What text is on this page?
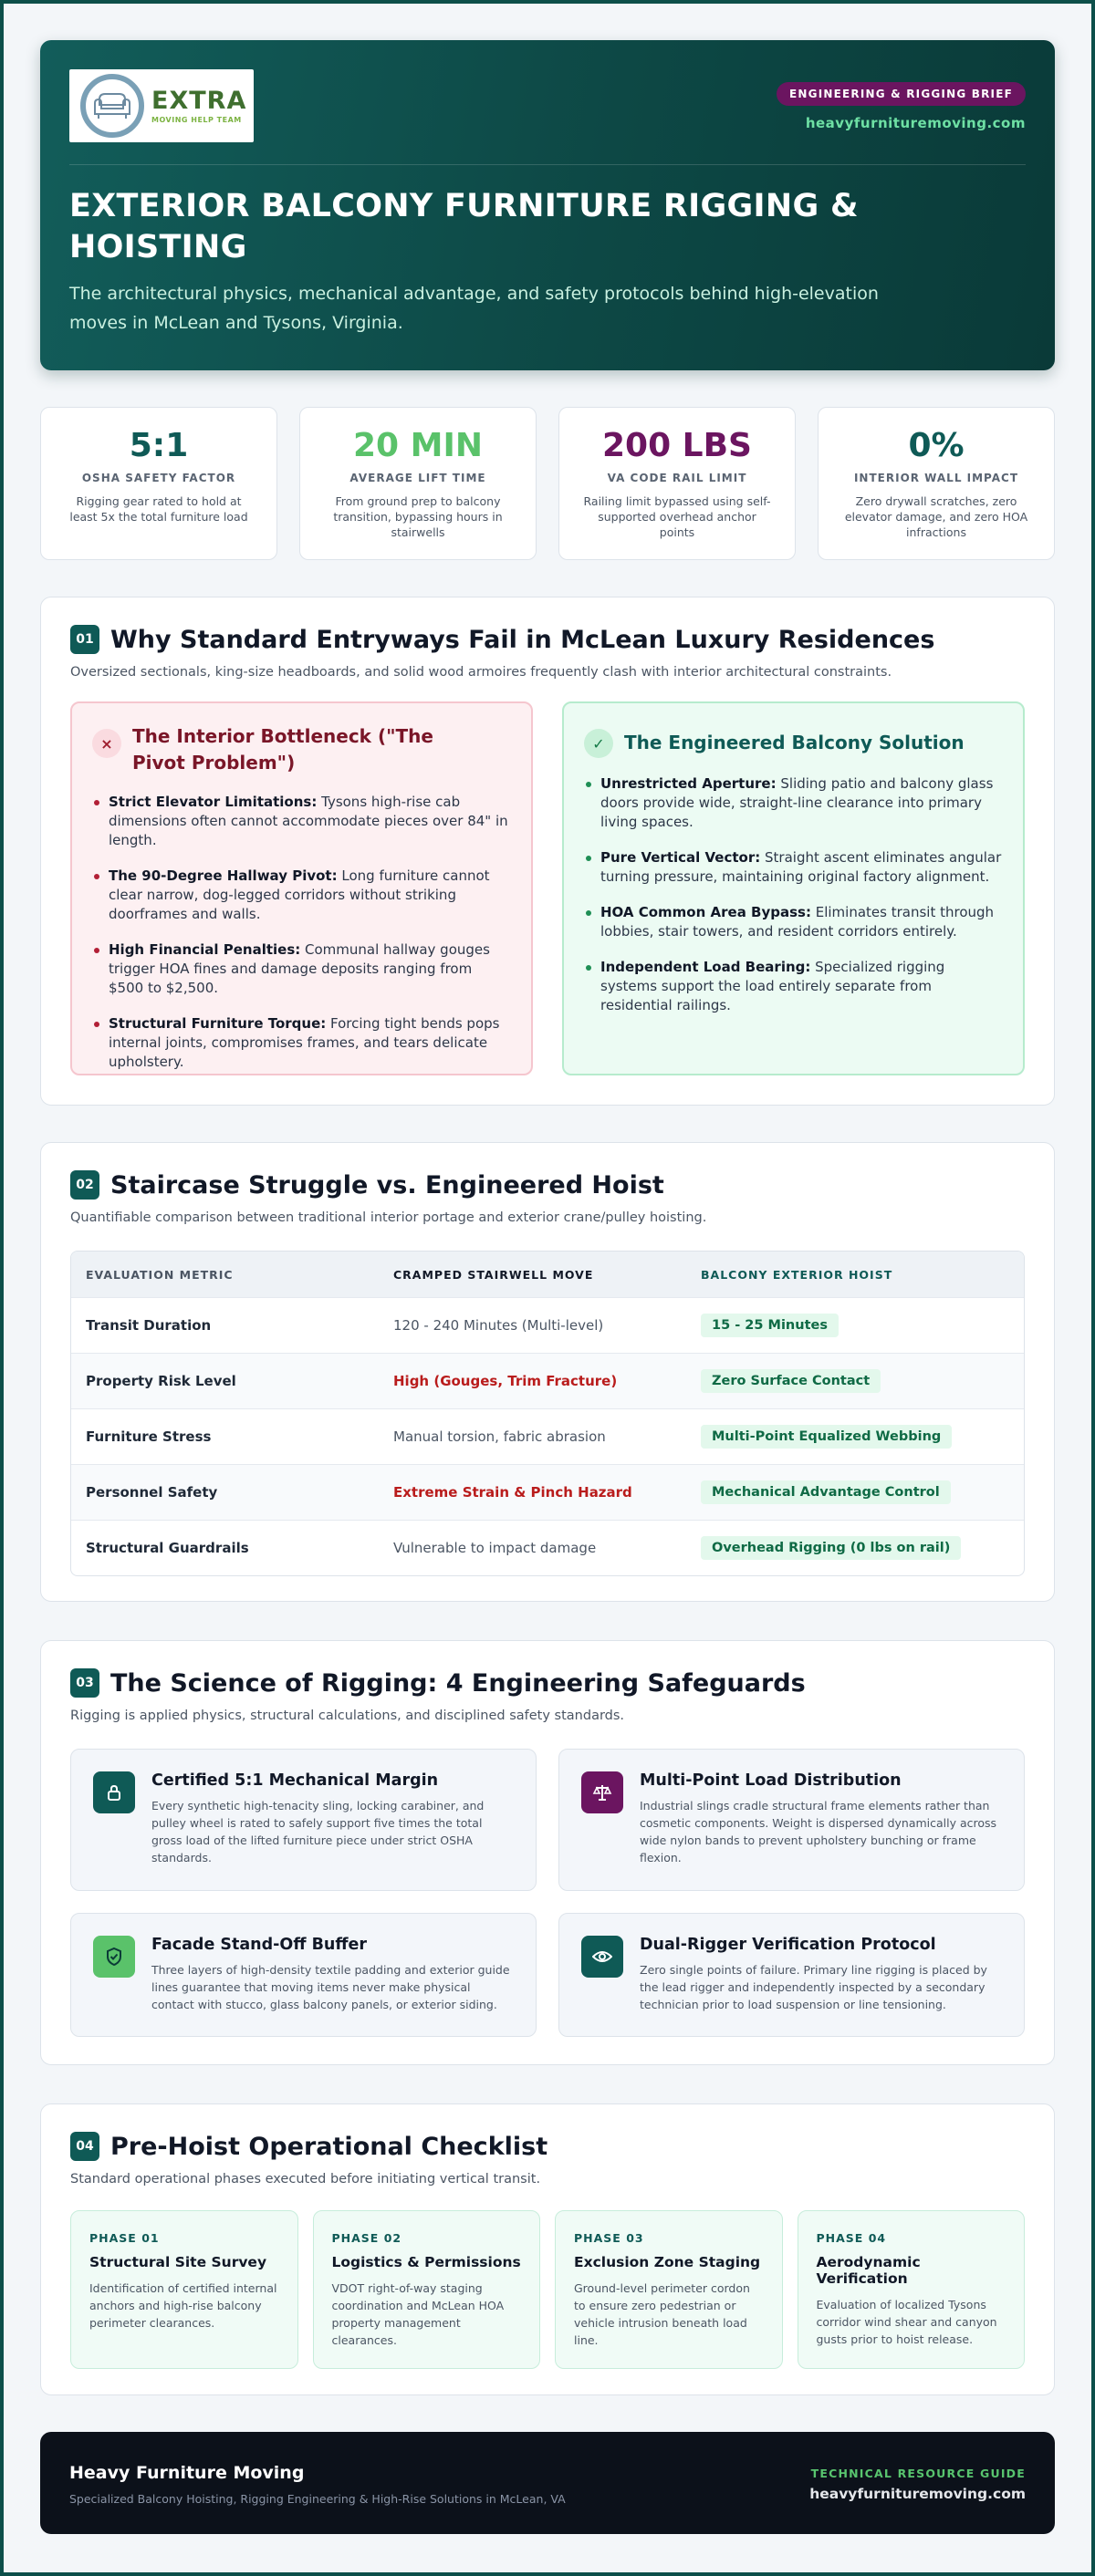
EXTRA
MOVING HELP TEAM
ENGINEERING & RIGGING BRIEF
heavyfurnituremoving.com
EXTERIOR BALCONY FURNITURE RIGGING & HOISTING
The architectural physics, mechanical advantage, and safety protocols behind high-elevation moves in McLean and Tysons, Virginia.
5:1
OSHA SAFETY FACTOR
Rigging gear rated to hold at least 5x the total furniture load
20 MIN
AVERAGE LIFT TIME
From ground prep to balcony transition, bypassing hours in stairwells
200 LBS
VA CODE RAIL LIMIT
Railing limit bypassed using self-supported overhead anchor points
0%
INTERIOR WALL IMPACT
Zero drywall scratches, zero elevator damage, and zero HOA infractions
01 Why Standard Entryways Fail in McLean Luxury Residences
Oversized sectionals, king-size headboards, and solid wood armoires frequently clash with interior architectural constraints.
×	The Interior Bottleneck ("The Pivot Problem")
Strict Elevator Limitations: Tysons high-rise cab dimensions often cannot accommodate pieces over 84" in length.
The 90-Degree Hallway Pivot: Long furniture cannot clear narrow, dog-legged corridors without striking doorframes and walls.
High Financial Penalties: Communal hallway gouges trigger HOA fines and damage deposits ranging from $500 to $2,500.
Structural Furniture Torque: Forcing tight bends pops internal joints, compromises frames, and tears delicate upholstery.
✓	The Engineered Balcony Solution
Unrestricted Aperture: Sliding patio and balcony glass doors provide wide, straight-line clearance into primary living spaces.
Pure Vertical Vector: Straight ascent eliminates angular turning pressure, maintaining original factory alignment.
HOA Common Area Bypass: Eliminates transit through lobbies, stair towers, and resident corridors entirely.
Independent Load Bearing: Specialized rigging systems support the load entirely separate from residential railings.
02 Staircase Struggle vs. Engineered Hoist
Quantifiable comparison between traditional interior portage and exterior crane/pulley hoisting.
EVALUATION METRIC	CRAMPED STAIRWELL MOVE	BALCONY EXTERIOR HOIST
Transit Duration	120 - 240 Minutes (Multi-level)	15 - 25 Minutes
Property Risk Level	High (Gouges, Trim Fracture)	Zero Surface Contact
Furniture Stress	Manual torsion, fabric abrasion	Multi-Point Equalized Webbing
Personnel Safety	Extreme Strain & Pinch Hazard	Mechanical Advantage Control
Structural Guardrails	Vulnerable to impact damage	Overhead Rigging (0 lbs on rail)
03 The Science of Rigging: 4 Engineering Safeguards
Rigging is applied physics, structural calculations, and disciplined safety standards.
Certified 5:1 Mechanical Margin
Every synthetic high-tenacity sling, locking carabiner, and pulley wheel is rated to safely support five times the total gross load of the lifted furniture piece under strict OSHA standards.
Multi-Point Load Distribution
Industrial slings cradle structural frame elements rather than cosmetic components. Weight is dispersed dynamically across wide nylon bands to prevent upholstery bunching or frame flexion.
Facade Stand-Off Buffer
Three layers of high-density textile padding and exterior guide lines guarantee that moving items never make physical contact with stucco, glass balcony panels, or exterior siding.
Dual-Rigger Verification Protocol
Zero single points of failure. Primary line rigging is placed by the lead rigger and independently inspected by a secondary technician prior to load suspension or line tensioning.
04 Pre-Hoist Operational Checklist
Standard operational phases executed before initiating vertical transit.
PHASE 01
Structural Site Survey
Identification of certified internal anchors and high-rise balcony perimeter clearances.
PHASE 02
Logistics & Permissions
VDOT right-of-way staging coordination and McLean HOA property management clearances.
PHASE 03
Exclusion Zone Staging
Ground-level perimeter cordon to ensure zero pedestrian or vehicle intrusion beneath load line.
PHASE 04
Aerodynamic Verification
Evaluation of localized Tysons corridor wind shear and canyon gusts prior to hoist release.
Heavy Furniture Moving
Specialized Balcony Hoisting, Rigging Engineering & High-Rise Solutions in McLean, VA
TECHNICAL RESOURCE GUIDE
heavyfurnituremoving.com
